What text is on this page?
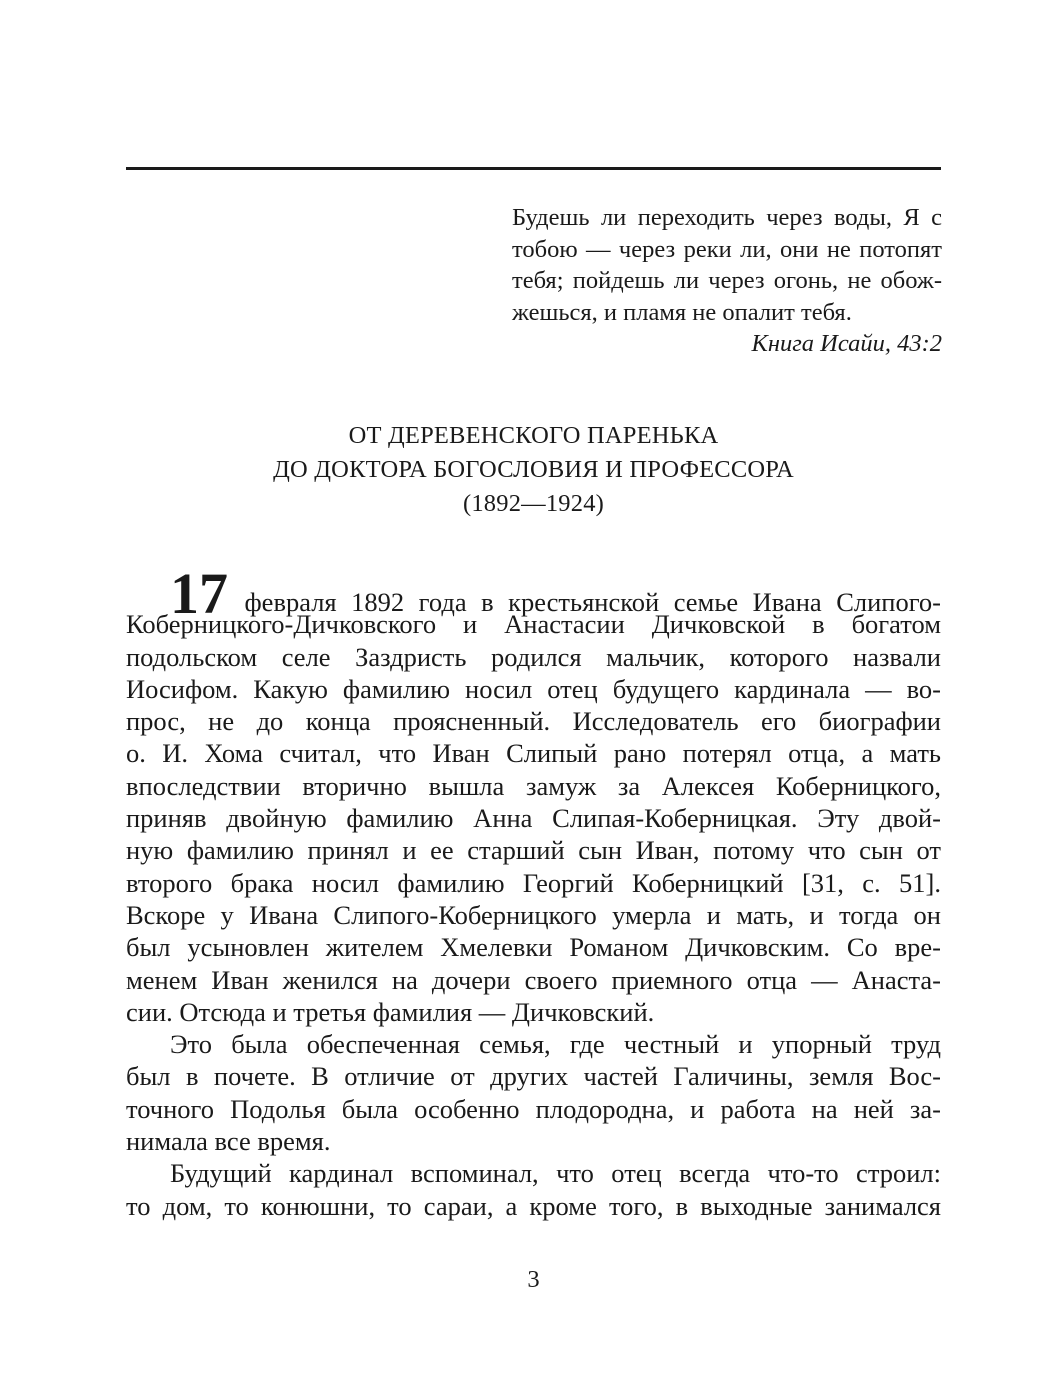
Будешь ли переходить через воды, Я с
тобою — через реки ли, они не потопят
тебя; пойдешь ли через огонь, не обож-
жешься, и пламя не опалит тебя.
Книга Исайи, 43:2
ОТ ДЕРЕВЕНСКОГО ПАРЕНЬКА
ДО ДОКТОРА БОГОСЛОВИЯ И ПРОФЕССОРА
(1892—1924)
17 февраля 1892 года в крестьянской семье Ивана Слипого-
Коберницкого-Дичковского и Анастасии Дичковской в богатом
подольском селе Заздристь родился мальчик, которого назвали
Иосифом. Какую фамилию носил отец будущего кардинала — во-
прос, не до конца проясненный. Исследователь его биографии
о. И. Хома считал, что Иван Слипый рано потерял отца, а мать
впоследствии вторично вышла замуж за Алексея Коберницкого,
приняв двойную фамилию Анна Слипая-Коберницкая. Эту двой-
ную фамилию принял и ее старший сын Иван, потому что сын от
второго брака носил фамилию Георгий Коберницкий [31, с. 51].
Вскоре у Ивана Слипого-Коберницкого умерла и мать, и тогда он
был усыновлен жителем Хмелевки Романом Дичковским. Со вре-
менем Иван женился на дочери своего приемного отца — Анаста-
сии. Отсюда и третья фамилия — Дичковский.
Это была обеспеченная семья, где честный и упорный труд
был в почете. В отличие от других частей Галичины, земля Вос-
точного Подолья была особенно плодородна, и работа на ней за-
нимала все время.
Будущий кардинал вспоминал, что отец всегда что-то строил:
то дом, то конюшни, то сараи, а кроме того, в выходные занимался
3
